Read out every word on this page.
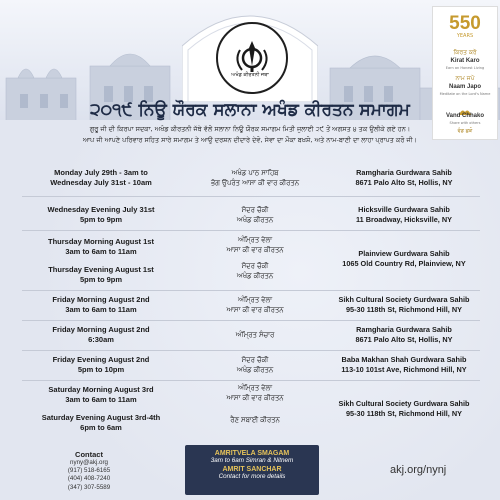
ਅਖੰਡ ਕੀਰਤਨੀ ਜਥਾ
550
YEARS
ਕਿਰਤ ਕਰੋ
Kirat Karo
Earn an Honest Living
ਨਾਮ ਜਪੋ
Naam Japo
Meditate on the Lord's Name
Vand Chhako
Share with others
ਵੰਡ ਛਕੋ
੨੦੧੯ ਨਿਊ ਯੌਰਕ ਸਲਾਨਾ ਅਖੰਡ ਕੀਰਤਨ ਸਮਾਗਮ
ਗੁਰੂ ਜੀ ਦੀ ਕਿਰਪਾ ਸਦਕਾ, ਅਖੰਡ ਕੀਰਤਨੀ ਜੱਥੇ ਵੱਲੋਂ ਸਲਾਨਾ ਨਿਊ ਯੌਰਕ ਸਮਾਗਮ ਮਿਤੀ ਜੁਲਾਈ ੨੯ ਤੋਂ ਅਗਸਤ ੪ ਤਕ ਉਲੀਕੇ ਗਏ ਹਨ।
ਆਪ ਜੀ ਆਪਣੇ ਪਰਿਵਾਰ ਸਹਿਤ ਸਾਰੇ ਸਮਾਗਮ ਤੇ ਆਉ ਦਰਸ਼ਨ ਦੀਦਾਰੇ ਦੇਵੋ, ਸੇਵਾ ਦਾ ਮੌਕਾ ਬਖ਼ਸ਼ੋ, ਅਤੇ ਨਾਮ-ਬਾਣੀ ਦਾ ਲਾਹਾ ਪ੍ਰਾਪਤ ਕਰੋ ਜੀ।
Monday July 29th - 3am to
Wednesday July 31st - 10am
ਅਖੰਡ ਪਾਠ ਸਾਹਿਬ
ਭੋਗ ਉਪਰੰਤ ਆਸਾ ਕੀ ਵਾਰ ਕੀਰਤਨ
Ramgharia Gurdwara Sahib
8671 Palo Alto St, Hollis, NY
Wednesday Evening July 31st
5pm to 9pm
ਸੋਦਰ ਚੌਕੀ
ਅਖੰਡ ਕੀਰਤਨ
Hicksville Gurdwara Sahib
11 Broadway, Hicksville, NY
Thursday Morning August 1st
3am to 6am to 11am
Thursday Evening August 1st
5pm to 9pm
ਅੰਮ੍ਰਿਤ ਵੇਲਾ
ਆਸਾ ਕੀ ਵਾਰ ਕੀਰਤਨ
ਸੋਦਰ ਚੌਕੀ
ਅਖੰਡ ਕੀਰਤਨ
Plainview Gurdwara Sahib
1065 Old Country Rd, Plainview, NY
Friday Morning August 2nd
3am to 6am to 11am
ਅੰਮ੍ਰਿਤ ਵੇਲਾ
ਆਸਾ ਕੀ ਵਾਰ ਕੀਰਤਨ
Sikh Cultural Society Gurdwara Sahib
95-30 118th St, Richmond Hill, NY
Friday Morning August 2nd
6:30am	ਅੰਮ੍ਰਿਤ ਸੰਚਾਰ
Ramgharia Gurdwara Sahib
8671 Palo Alto St, Hollis, NY
Friday Evening August 2nd
5pm to 10pm
ਸੋਦਰ ਚੌਕੀ
ਅਖੰਡ ਕੀਰਤਨ
Baba Makhan Shah Gurdwara Sahib
113-10 101st Ave, Richmond Hill, NY
Saturday Morning August 3rd
3am to 6am to 11am
Saturday Evening August 3rd-4th
6pm to 6am
ਅੰਮ੍ਰਿਤ ਵੇਲਾ
ਆਸਾ ਕੀ ਵਾਰ ਕੀਰਤਨ
ਰੈਣ ਸਬਾਈ ਕੀਰਤਨ
Sikh Cultural Society Gurdwara Sahib
95-30 118th St, Richmond Hill, NY
Contact
nyny@akj.org
(917) 518-6165
(404) 408-7240
(347) 307-5589
AMRITVELA SMAGAM
3am to 6am Simran & Nitnem
AMRIT SANCHAR
Contact for more details
akj.org/nynj
